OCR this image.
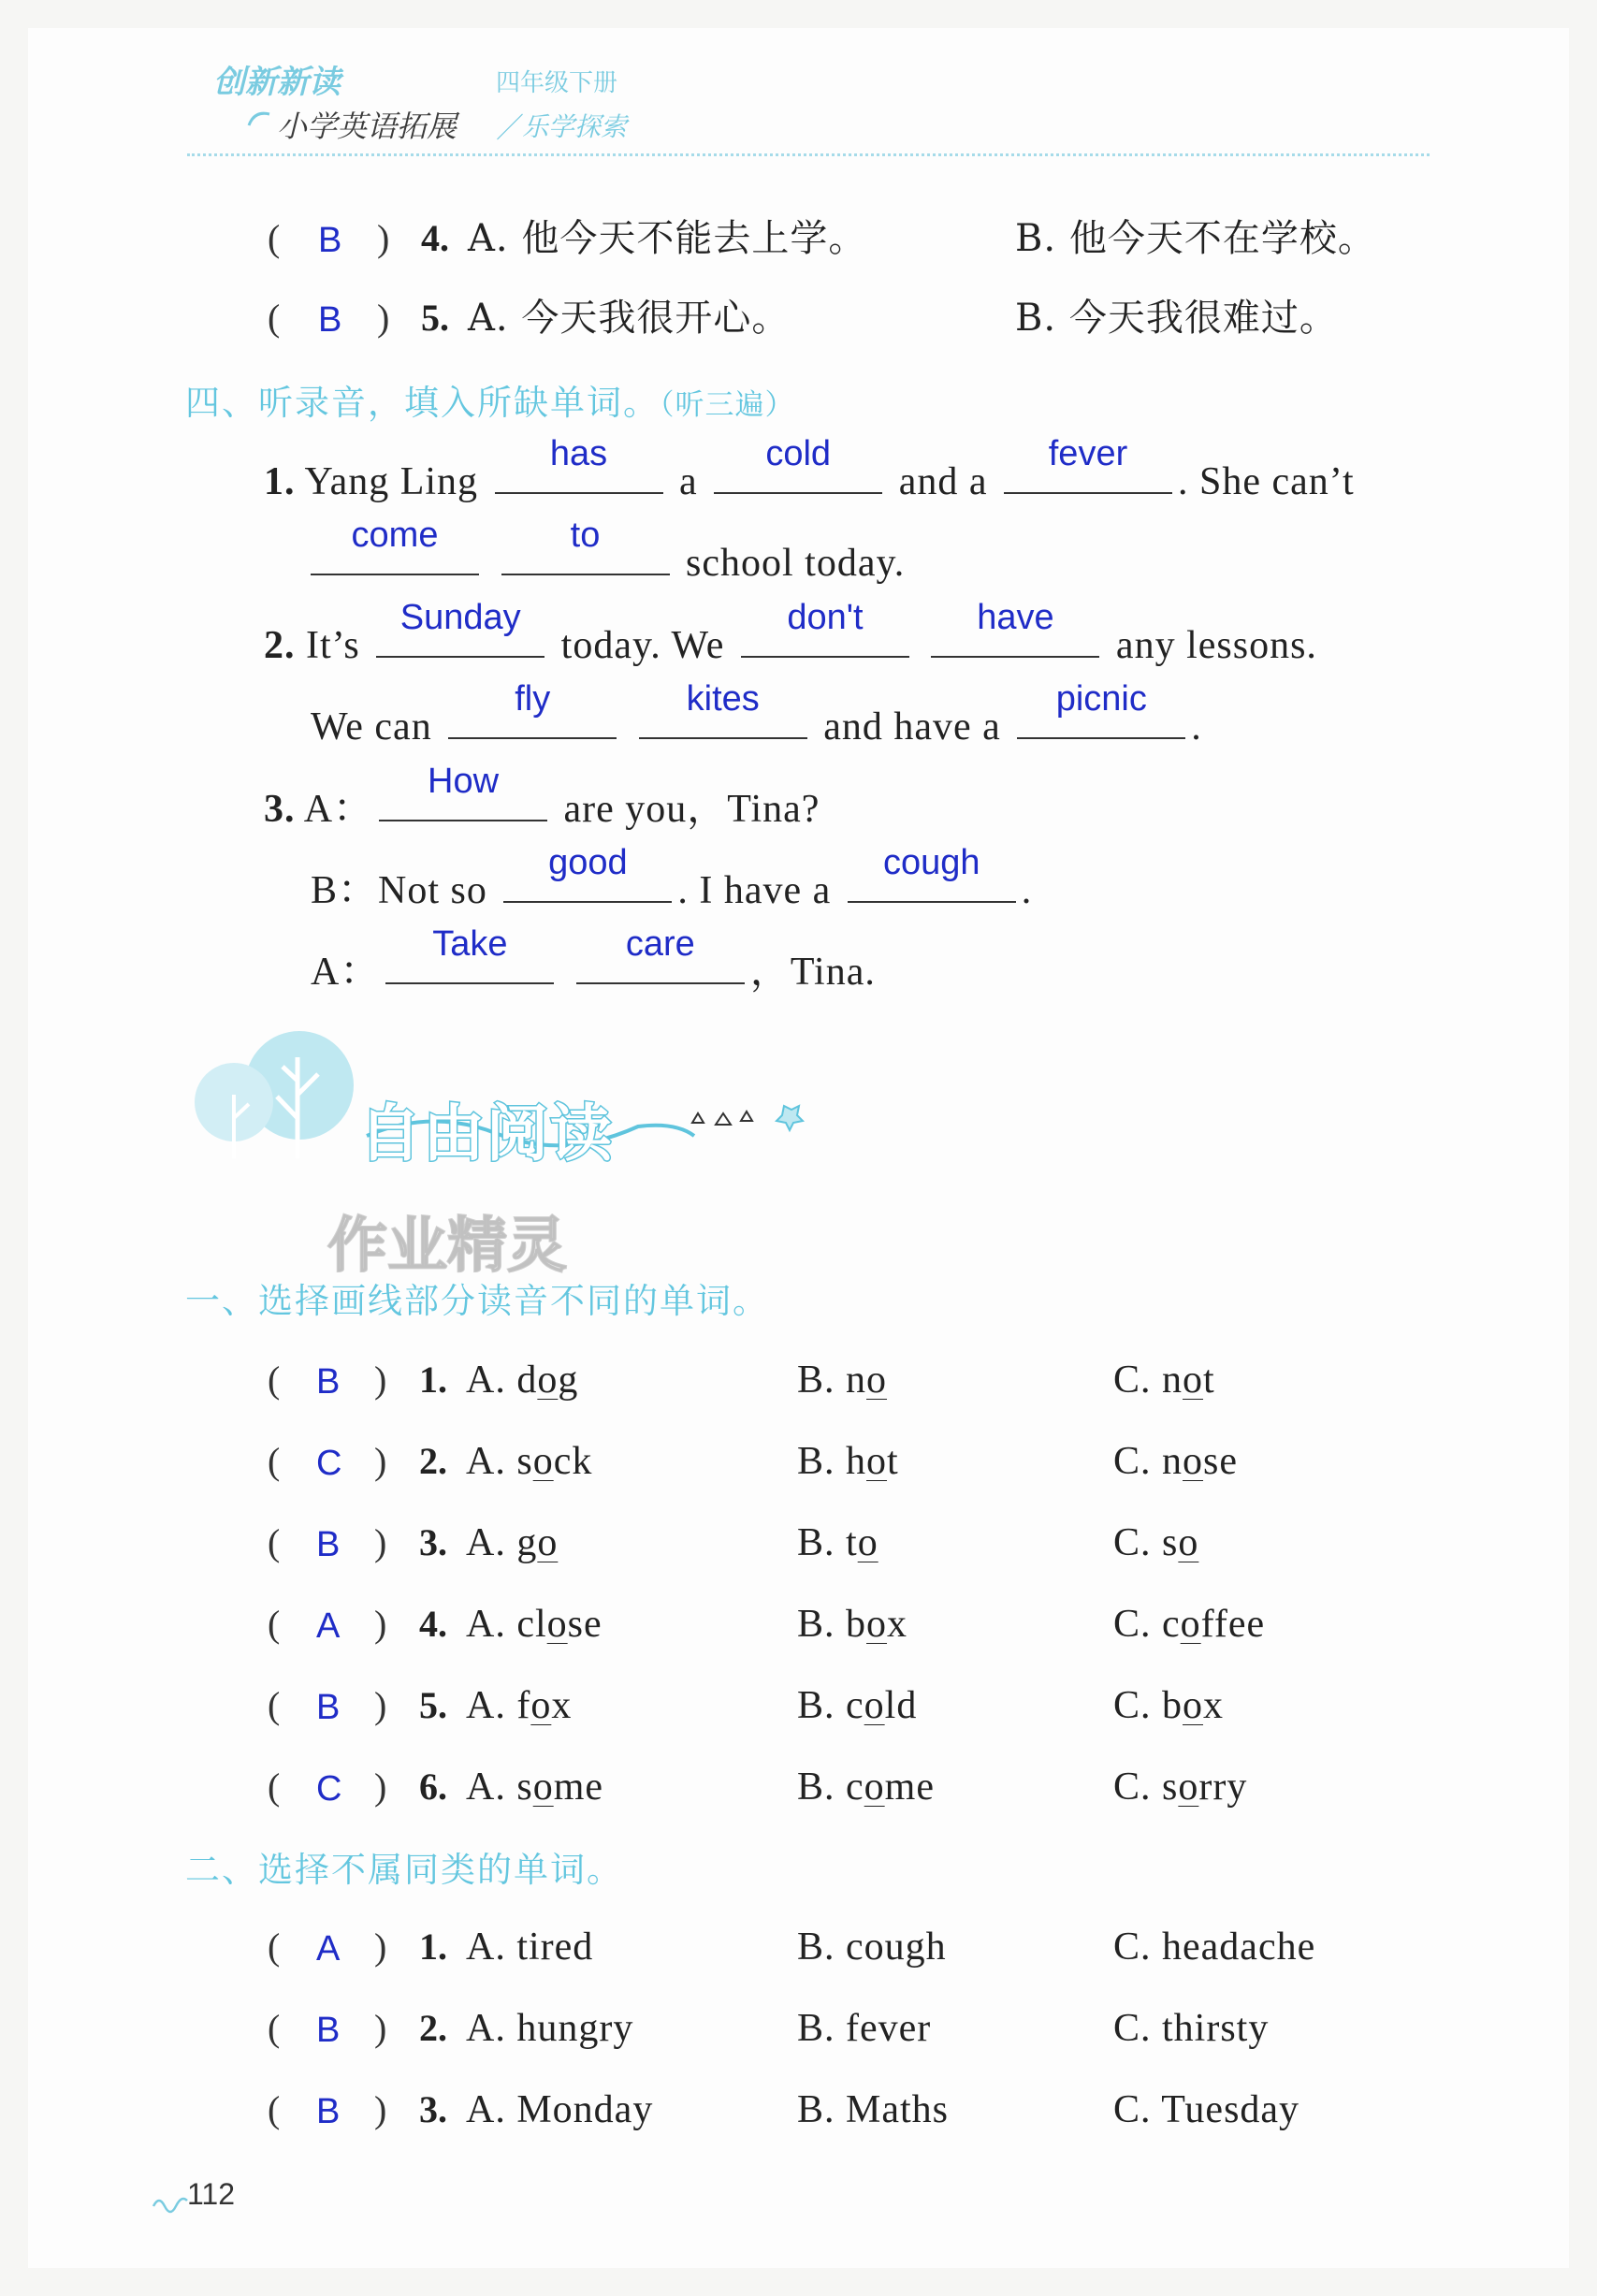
创新新读	四年级下册
小学英语拓展 ／
乐学探索
( B ) 4. A. 他今天不能去上学。	B. 他今天不在学校。
( B ) 5. A. 今天我很开心。	B. 今天我很难过。
四、听录音，填入所缺单词。（听三遍）
1. Yang Ling
has
a
cold
and a
fever
. She can’t
come
	to
school today.
2. It’s
Sunday
today. We
don't
	have
any lessons.
We can
fly
	kites
and have a
picnic
.
3. A：
How
are you，Tina?
B：Not so
good
. I have a
cough
.
A：
Take
	care
，Tina.
自由阅读
作业精灵
一、选择画线部分读音不同的单词。
( B ) 1. A. dog	B. no	C. not
( C ) 2. A. sock	B. hot	C. nose
( B ) 3. A. go	B. to	C. so
( A ) 4. A. close	B. box	C. coffee
( B ) 5. A. fox	B. cold	C. box
( C ) 6. A. some	B. come	C. sorry
二、选择不属同类的单词。
( A ) 1. A. tired	B. cough	C. headache
( B ) 2. A. hungry	B. fever	C. thirsty
( B ) 3. A. Monday	B. Maths	C. Tuesday
112
